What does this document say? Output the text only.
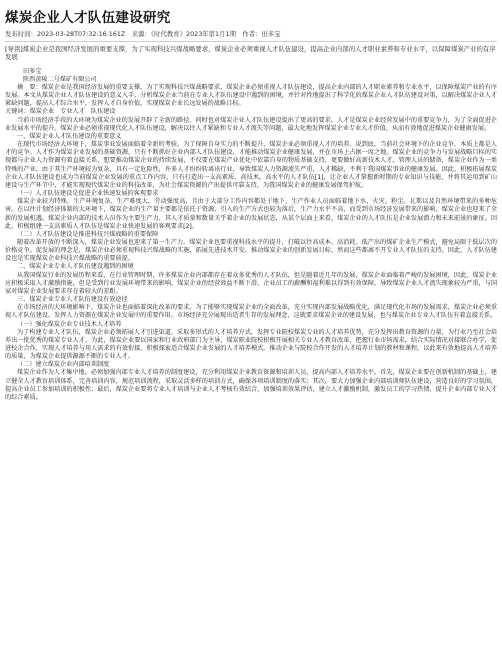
煤炭企业人才队伍建设研究
发布时间：2023-03-28T07:32:16.161Z　来源：《时代教育》2023年第1月1期　作者：田多宝
[导读]煤炭企业是我国经济发展的重要支撑，为了实现科技兴煤战略要求，煤炭企业必须重视人才队伍建设，提高企业内部的人才职业素养和专业水平，以保障煤炭产业的有序发展

田多宝

陕西黄陵二号煤矿有限公司

摘　要：煤炭企业是我国经济发展的重要支撑，为了实现科技兴煤战略要求，煤炭企业必须重视人才队伍建设，提高企业内部的人才职业素养和专业水平，以保障煤炭产业的有序发展。本文从煤炭企业人才队伍建设的意义入手，分析煤炭企业当前在专业人才队伍建设中遇到的困境，并针对性地提出了科学化的煤炭企业人才队伍建设对策，以解决煤炭企业人才紧缺问题，提高人才综合水平，发挥人才自身价值，实现煤炭企业长远发展的战略目标。

关键词：煤炭企业　专业人才　队伍建设

当前市场经济手段的大环境为煤炭企业的发展开辟了全新的路径，同时也对煤炭企业人才队伍建设提出了更高的要求。人才是煤炭企业经营发展中的重要竞争力，为了全面促进企业发展水平的提升，煤炭企业必须重视现代化人才队伍建设，解决以往人才紧缺和专业人才流失等问题，最大化地发挥煤炭企业专业人才价值，从而有效地促进煤炭企业健康发展。

一、煤炭企业人才队伍建设的重要意义

在现代市场经济大环境下，煤炭事业发展面临着全新的考验，为了保障自身实力的不断提升，煤炭企业必须重视人才的培养。说到底，当前社会环境下的企业竞争，本质上都是人才的竞争。人才作为煤炭企业发展的基础资源，只有不断抓好企业内部人才队伍建设，才能推动煤炭企业健康发展，并在市场上占据一席之地。煤炭企业的竞争力与发展战略目标的实现都与企业人力资源有着直接关系，想要推动煤炭企业的持续发展，不仅要在煤炭产业优化中依靠自身的物质基础支持，更要做好高新技术人才、管理人员的储备，煤炭企业作为一类特殊的产业，由于其生产环境较为复杂，具有一定危险性，许多人才纷纷转离该行业，导致煤炭人力资源流失严重，人才稀缺，不利于我国煤炭事业的健康发展。因此，积极拓展煤炭企业人才队伍建设也成为当前煤炭企业发展的重点工作内容，只有打造出一支高素质、高技术、高水平的人才队伍[1]，让企业人才掌握新时期的专业知识与技能，并将其运用到矿山建设与生产环节中，才能实现现代煤炭企业的科技改革，为社会煤炭资源的产出提供可靠支持，为我国煤炭企业的健康发展保驾护航。

（一）人才队伍建设是促进企业快速发展的客观要求

煤炭企业较为特殊，生产环境复杂、生产难度大、劳动强度高，且由于大部分工作内容都处于地下，生产作业人员面临着地下水、火灾、粉尘、瓦斯以及自然环境带来的多种危害。在以往计划经济体制的大环境下，煤炭企业的生产量主要都是依托于资源，引入的生产方式也较为落后，生产力水平不高，而受到市场经济发展带来的影响，煤炭企业也迎来了全新的发展机遇。煤炭企业内部的技术人员作为主要生产力，其人才质量和数量关乎着企业的发展状态，从某个层面上来看，煤炭企业的人才队伍是企业发展潜力和未来前景的象征。因此，积极组建一支高素质人才队伍是煤炭企业快速发展的客观要求[2]。

（二）人才队伍建设是推进科技兴煤战略的重要保障

随着改革开放的不断深入，煤炭企业发展也迎来了第一生产力。煤炭企业也要重视科技水平的提升，打破以往高成本、高消耗、低产出的煤矿企业生产模式，避免局限于低层次的价格竞争。促发展的理念是，煤炭企业必须重视科技兴煤战略的实施，拓展先进技术开发，推动煤炭企业的创新发展目标，然而这些都离不开专业人才队伍的支持。因此，人才队伍建设也是实现煤炭企业科技兴煤战略的重要前提。

二、煤炭企业专业人才队伍建设遇到的困境

从我国煤炭行业的发展历程来看，在行业管理时期，许多煤炭企业内部都存在着众多优秀的人才队伍，但是随着近几年的发展，煤炭企业面临着严峻的发展困境，因此，煤炭企业应积极采取人才激励措施。但是受到行业发展环境带来的影响，煤炭企业的经营效益不断下滑，企业员工的薪酬和福利难以得到有效保障，导致煤炭企业人才流失现象较为严重，与国家对煤炭企业发展要求存在着较大的差距。

三、煤炭企业专业人才队伍建设有效途径

在市场经济的大环境影响下，煤炭企业也面临着深化改革的要求。为了能够实现煤炭企业的全面改革，充分实现内部发展战略优化，满足现代化市场的发展需求，煤炭企业必须重视人才队伍建设，发挥人力资源在煤炭企业发展中的重要作用。市场经济充分展现出适者生存的发展理念，这就要求煤炭企业的建设发展，也与煤炭企业专业人才队伍有着直接关系。

（一）强化煤炭企业专业技术人才培养

为了构建专业人才队伍，煤炭企业必须拓展人才引进渠道，采取多形式的人才培养方式，发挥专业院校煤炭专业的人才培养优势，充分发挥出教育资源的力量，为行业乃至社会培养出一批优秀的煤炭专业人才。为此，煤炭企业要以国家和行业政府部门为主导，煤炭职业院校积极开展相关专业人才教育改革，把握行业市场需求，结合实际情况对接联合办学，促进校企合作，实现人才培养与用人需求的有效衔接，积极探索适合煤炭企业发展的人才培养模式。推动企业与院校合作开发的人才培养计划的教材和课程，以此来有效地提高人才培养的质量，为煤炭企业提供源源不断的专业人才。

（二）建立煤炭企业内部培训制度

煤炭企业作为人才集中地，必须加强内部专业人才培养的制度建设，充分利用煤炭企业教育资源和培训人员，提高内部人才培养水平。首先，煤炭企业要在创新机制的基础上，建立健全人才教育培训体系，完善培训内容，规范培训流程，采取灵活多样的培训方式，确保各项培训制度的落实；其次，要大力加强企业内部培训师队伍建设，营造良好的学习氛围，提高企业员工参加培训的积极性；最后，煤炭企业要将专业人才培训与企业人才考核有效结合，加强培训效果评估，建立人才激励机制，激发员工的学习热情，提升企业内部专业人才的综合素质。
